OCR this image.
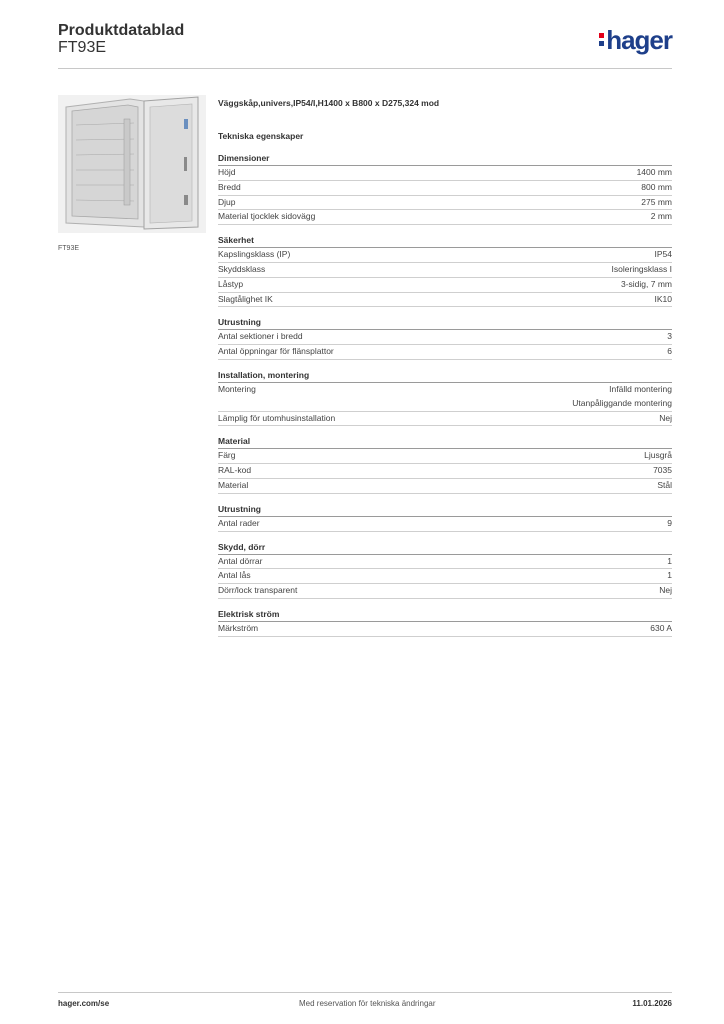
Produktdatablad
FT93E	hager
FT93E
Väggskåp,univers,IP54/I,H1400 x B800 x D275,324 mod
Tekniska egenskaper
Dimensioner
Höjd	1400 mm
Bredd	800 mm
Djup	275 mm
Material tjocklek sidovägg	2 mm
Säkerhet
Kapslingsklass (IP)	IP54
Skyddsklass	Isoleringsklass I
Låstyp	3-sidig, 7 mm
Slagtålighet IK	IK10
Utrustning
Antal sektioner i bredd	3
Antal öppningar för flänsplattor	6
Installation, montering
Montering	Infälld montering
Utanpåliggande montering
Lämplig för utomhusinstallation	Nej
Material
Färg	Ljusgrå
RAL-kod	7035
Material	Stål
Utrustning
Antal rader	9
Skydd, dörr
Antal dörrar	1
Antal lås	1
Dörr/lock transparent	Nej
Elektrisk ström
Märkström	630 A
hager.com/se	Med reservation för tekniska ändringar	11.01.2026
